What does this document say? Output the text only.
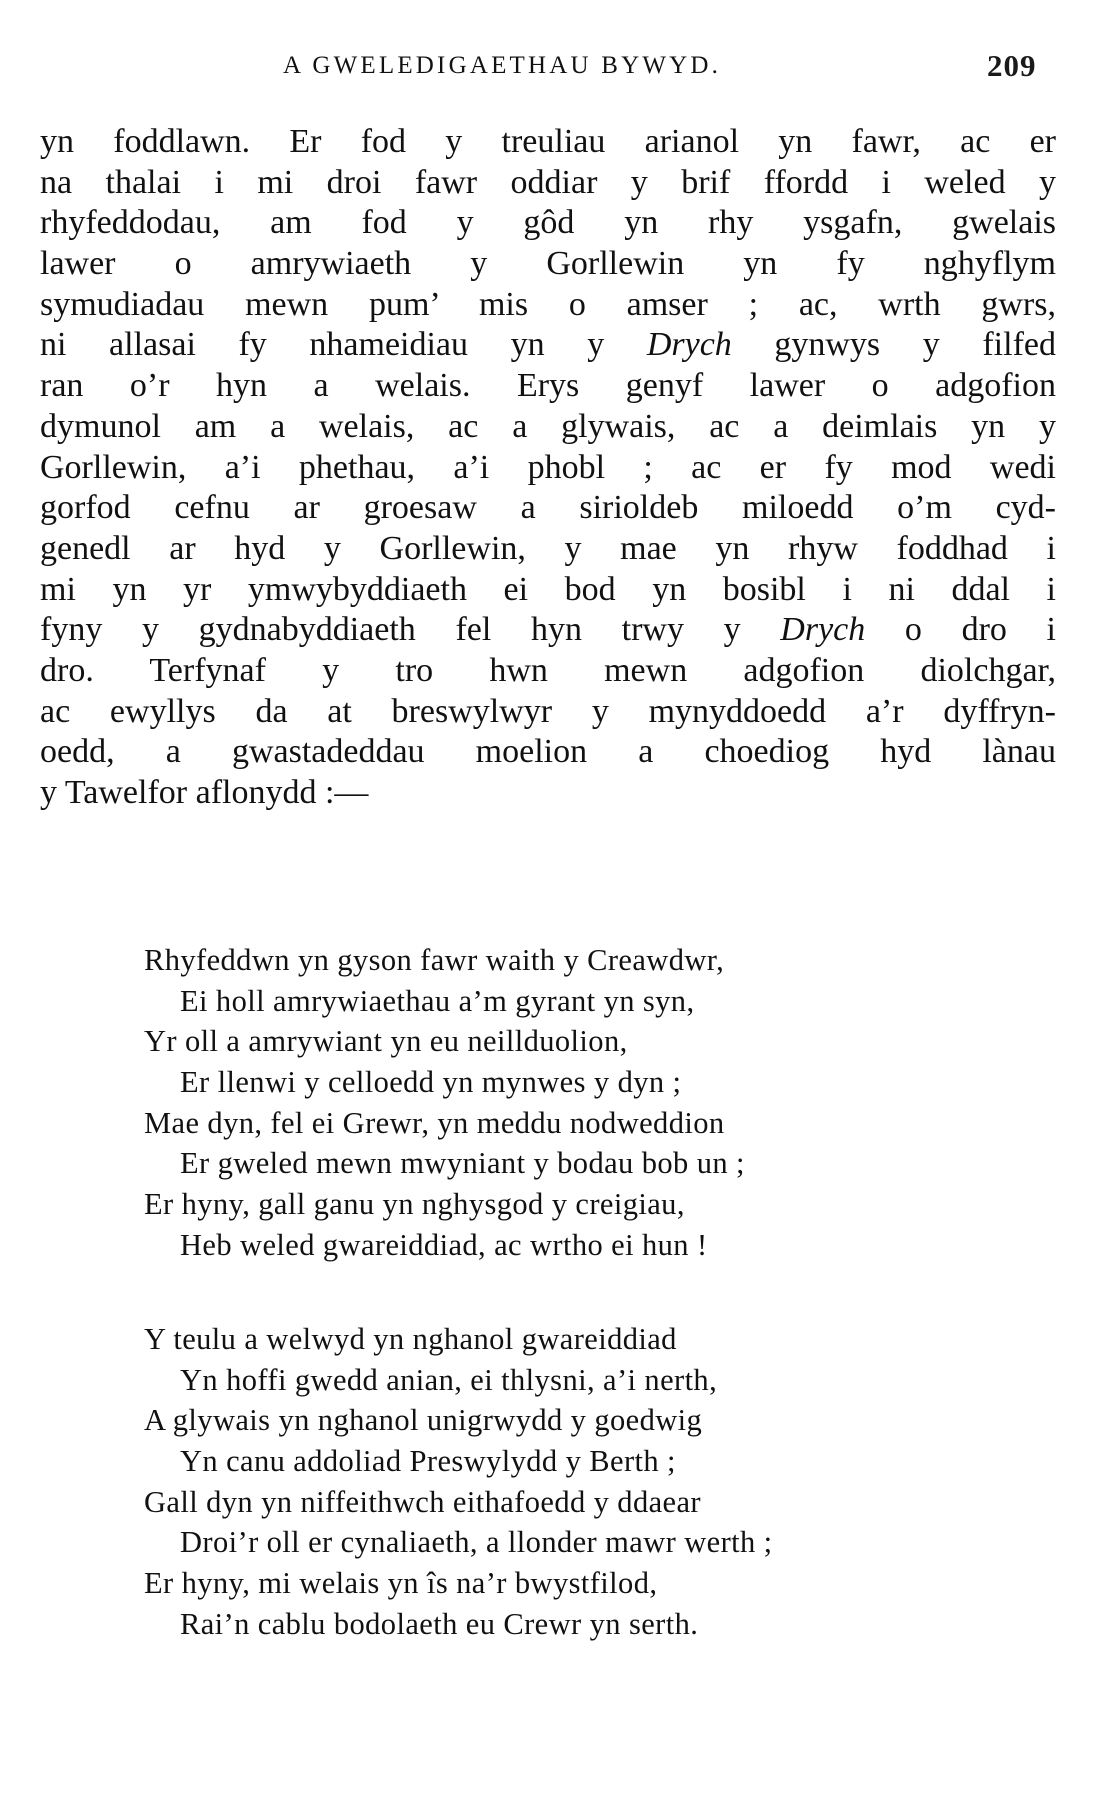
A GWELEDIGAETHAU BYWYD.	209
yn foddlawn. Er fod y treuliau arianol yn fawr, ac er
na thalai i mi droi fawr oddiar y brif ffordd i weled y
rhyfeddodau, am fod y gôd yn rhy ysgafn, gwelais
lawer o amrywiaeth y Gorllewin yn fy nghyflym
symudiadau mewn pum’ mis o amser ; ac, wrth gwrs,
ni allasai fy nhameidiau yn y Drych gynwys y filfed
ran o’r hyn a welais. Erys genyf lawer o adgofion
dymunol am a welais, ac a glywais, ac a deimlais yn y
Gorllewin, a’i phethau, a’i phobl ; ac er fy mod wedi
gorfod cefnu ar groesaw a sirioldeb miloedd o’m cyd-
genedl ar hyd y Gorllewin, y mae yn rhyw foddhad i
mi yn yr ymwybyddiaeth ei bod yn bosibl i ni ddal i
fyny y gydnabyddiaeth fel hyn trwy y Drych o dro i
dro. Terfynaf y tro hwn mewn adgofion diolchgar,
ac ewyllys da at breswylwyr y mynyddoedd a’r dyffryn-
oedd, a gwastadeddau moelion a choediog hyd lànau
y Tawelfor aflonydd :—
Rhyfeddwn yn gyson fawr waith y Creawdwr,
Ei holl amrywiaethau a’m gyrant yn syn,
Yr oll a amrywiant yn eu neillduolion,
Er llenwi y celloedd yn mynwes y dyn ;
Mae dyn, fel ei Grewr, yn meddu nodweddion
Er gweled mewn mwyniant y bodau bob un ;
Er hyny, gall ganu yn nghysgod y creigiau,
Heb weled gwareiddiad, ac wrtho ei hun !
Y teulu a welwyd yn nghanol gwareiddiad
Yn hoffi gwedd anian, ei thlysni, a’i nerth,
A glywais yn nghanol unigrwydd y goedwig
Yn canu addoliad Preswylydd y Berth ;
Gall dyn yn niffeithwch eithafoedd y ddaear
Droi’r oll er cynaliaeth, a llonder mawr werth ;
Er hyny, mi welais yn îs na’r bwystfilod,
Rai’n cablu bodolaeth eu Crewr yn serth.
